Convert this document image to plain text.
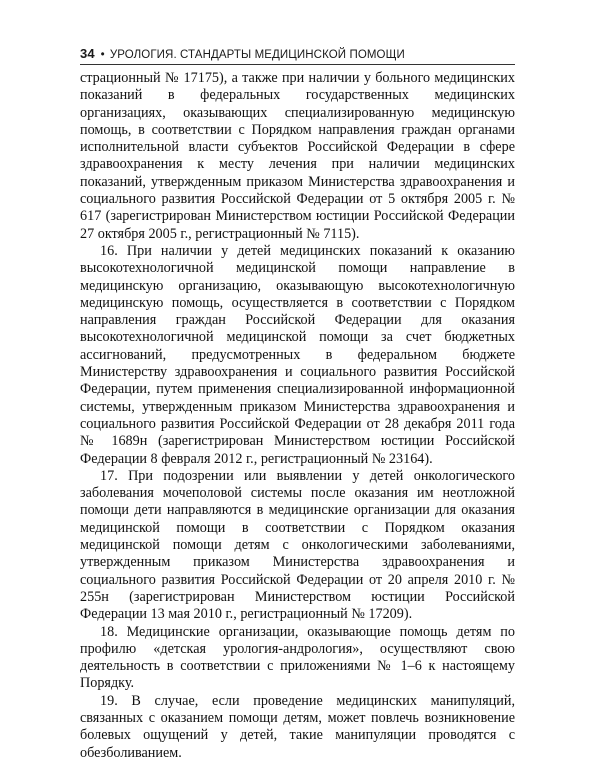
34 • УРОЛОГИЯ. СТАНДАРТЫ МЕДИЦИНСКОЙ ПОМОЩИ

страционный № 17175), а также при наличии у больного медицинских показаний в федеральных государственных медицинских организациях, оказывающих специализированную медицинскую помощь, в соответствии с Порядком направления граждан органами исполнительной власти субъектов Российской Федерации в сфере здравоохранения к месту лечения при наличии медицинских показаний, утвержденным приказом Министерства здравоохранения и социального развития Российской Федерации от 5 октября 2005 г. № 617 (зарегистрирован Министерством юстиции Российской Федерации 27 октября 2005 г., регистрационный № 7115).

16. При наличии у детей медицинских показаний к оказанию высокотехнологичной медицинской помощи направление в медицинскую организацию, оказывающую высокотехнологичную медицинскую помощь, осуществляется в соответствии с Порядком направления граждан Российской Федерации для оказания высокотехнологичной медицинской помощи за счет бюджетных ассигнований, предусмотренных в федеральном бюджете Министерству здравоохранения и социального развития Российской Федерации, путем применения специализированной информационной системы, утвержденным приказом Министерства здравоохранения и социального развития Российской Федерации от 28 декабря 2011 года № 1689н (зарегистрирован Министерством юстиции Российской Федерации 8 февраля 2012 г., регистрационный № 23164).

17. При подозрении или выявлении у детей онкологического заболевания мочеполовой системы после оказания им неотложной помощи дети направляются в медицинские организации для оказания медицинской помощи в соответствии с Порядком оказания медицинской помощи детям с онкологическими заболеваниями, утвержденным приказом Министерства здравоохранения и социального развития Российской Федерации от 20 апреля 2010 г. № 255н (зарегистрирован Министерством юстиции Российской Федерации 13 мая 2010 г., регистрационный № 17209).

18. Медицинские организации, оказывающие помощь детям по профилю «детская урология-андрология», осуществляют свою деятельность в соответствии с приложениями № 1–6 к настоящему Порядку.

19. В случае, если проведение медицинских манипуляций, связанных с оказанием помощи детям, может повлечь возникновение болевых ощущений у детей, такие манипуляции проводятся с обезболиванием.
